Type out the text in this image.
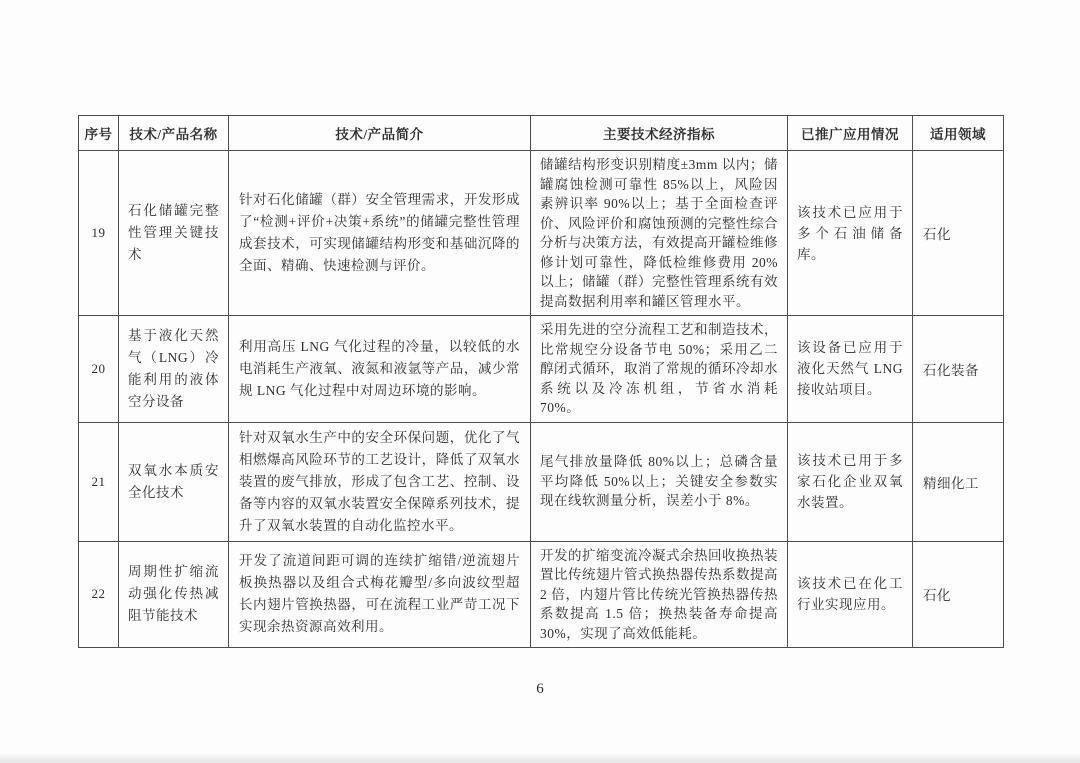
序号	技术/产品名称	技术/产品简介	主要技术经济指标	已推广应用情况	适用领域
19	石化储罐完整性管理关键技术	针对石化储罐（群）安全管理需求，开发形成了“检测+评价+决策+系统”的储罐完整性管理成套技术，可实现储罐结构形变和基础沉降的全面、精确、快速检测与评价。	储罐结构形变识别精度±3mm 以内；储罐腐蚀检测可靠性 85%以上，风险因素辨识率 90%以上；基于全面检查评价、风险评价和腐蚀预测的完整性综合分析与决策方法，有效提高开罐检维修修计划可靠性，降低检维修费用 20%以上；储罐（群）完整性管理系统有效提高数据利用率和罐区管理水平。	该技术已应用于多个石油储备库。	石化
20	基于液化天然气（LNG）冷能利用的液体空分设备	利用高压 LNG 气化过程的冷量，以较低的水电消耗生产液氧、液氮和液氩等产品，减少常规 LNG 气化过程中对周边环境的影响。	采用先进的空分流程工艺和制造技术，比常规空分设备节电 50%；采用乙二醇闭式循环，取消了常规的循环冷却水系统以及冷冻机组，节省水消耗 70%。	该设备已应用于液化天然气 LNG 接收站项目。	石化装备
21	双氧水本质安全化技术	针对双氧水生产中的安全环保问题，优化了气相燃爆高风险环节的工艺设计，降低了双氧水装置的废气排放，形成了包含工艺、控制、设备等内容的双氧水装置安全保障系列技术，提升了双氧水装置的自动化监控水平。	尾气排放量降低 80%以上；总磷含量平均降低 50%以上；关键安全参数实现在线软测量分析，误差小于 8%。	该技术已用于多家石化企业双氧水装置。	精细化工
22	周期性扩缩流动强化传热减阻节能技术	开发了流道间距可调的连续扩缩错/逆流翅片板换热器以及组合式梅花瓣型/多向波纹型超长内翅片管换热器，可在流程工业严苛工况下实现余热资源高效利用。	开发的扩缩变流冷凝式余热回收换热装置比传统翅片管式换热器传热系数提高 2 倍，内翅片管比传统光管换热器传热系数提高 1.5 倍；换热装备寿命提高 30%，实现了高效低能耗。	该技术已在化工行业实现应用。	石化
6
